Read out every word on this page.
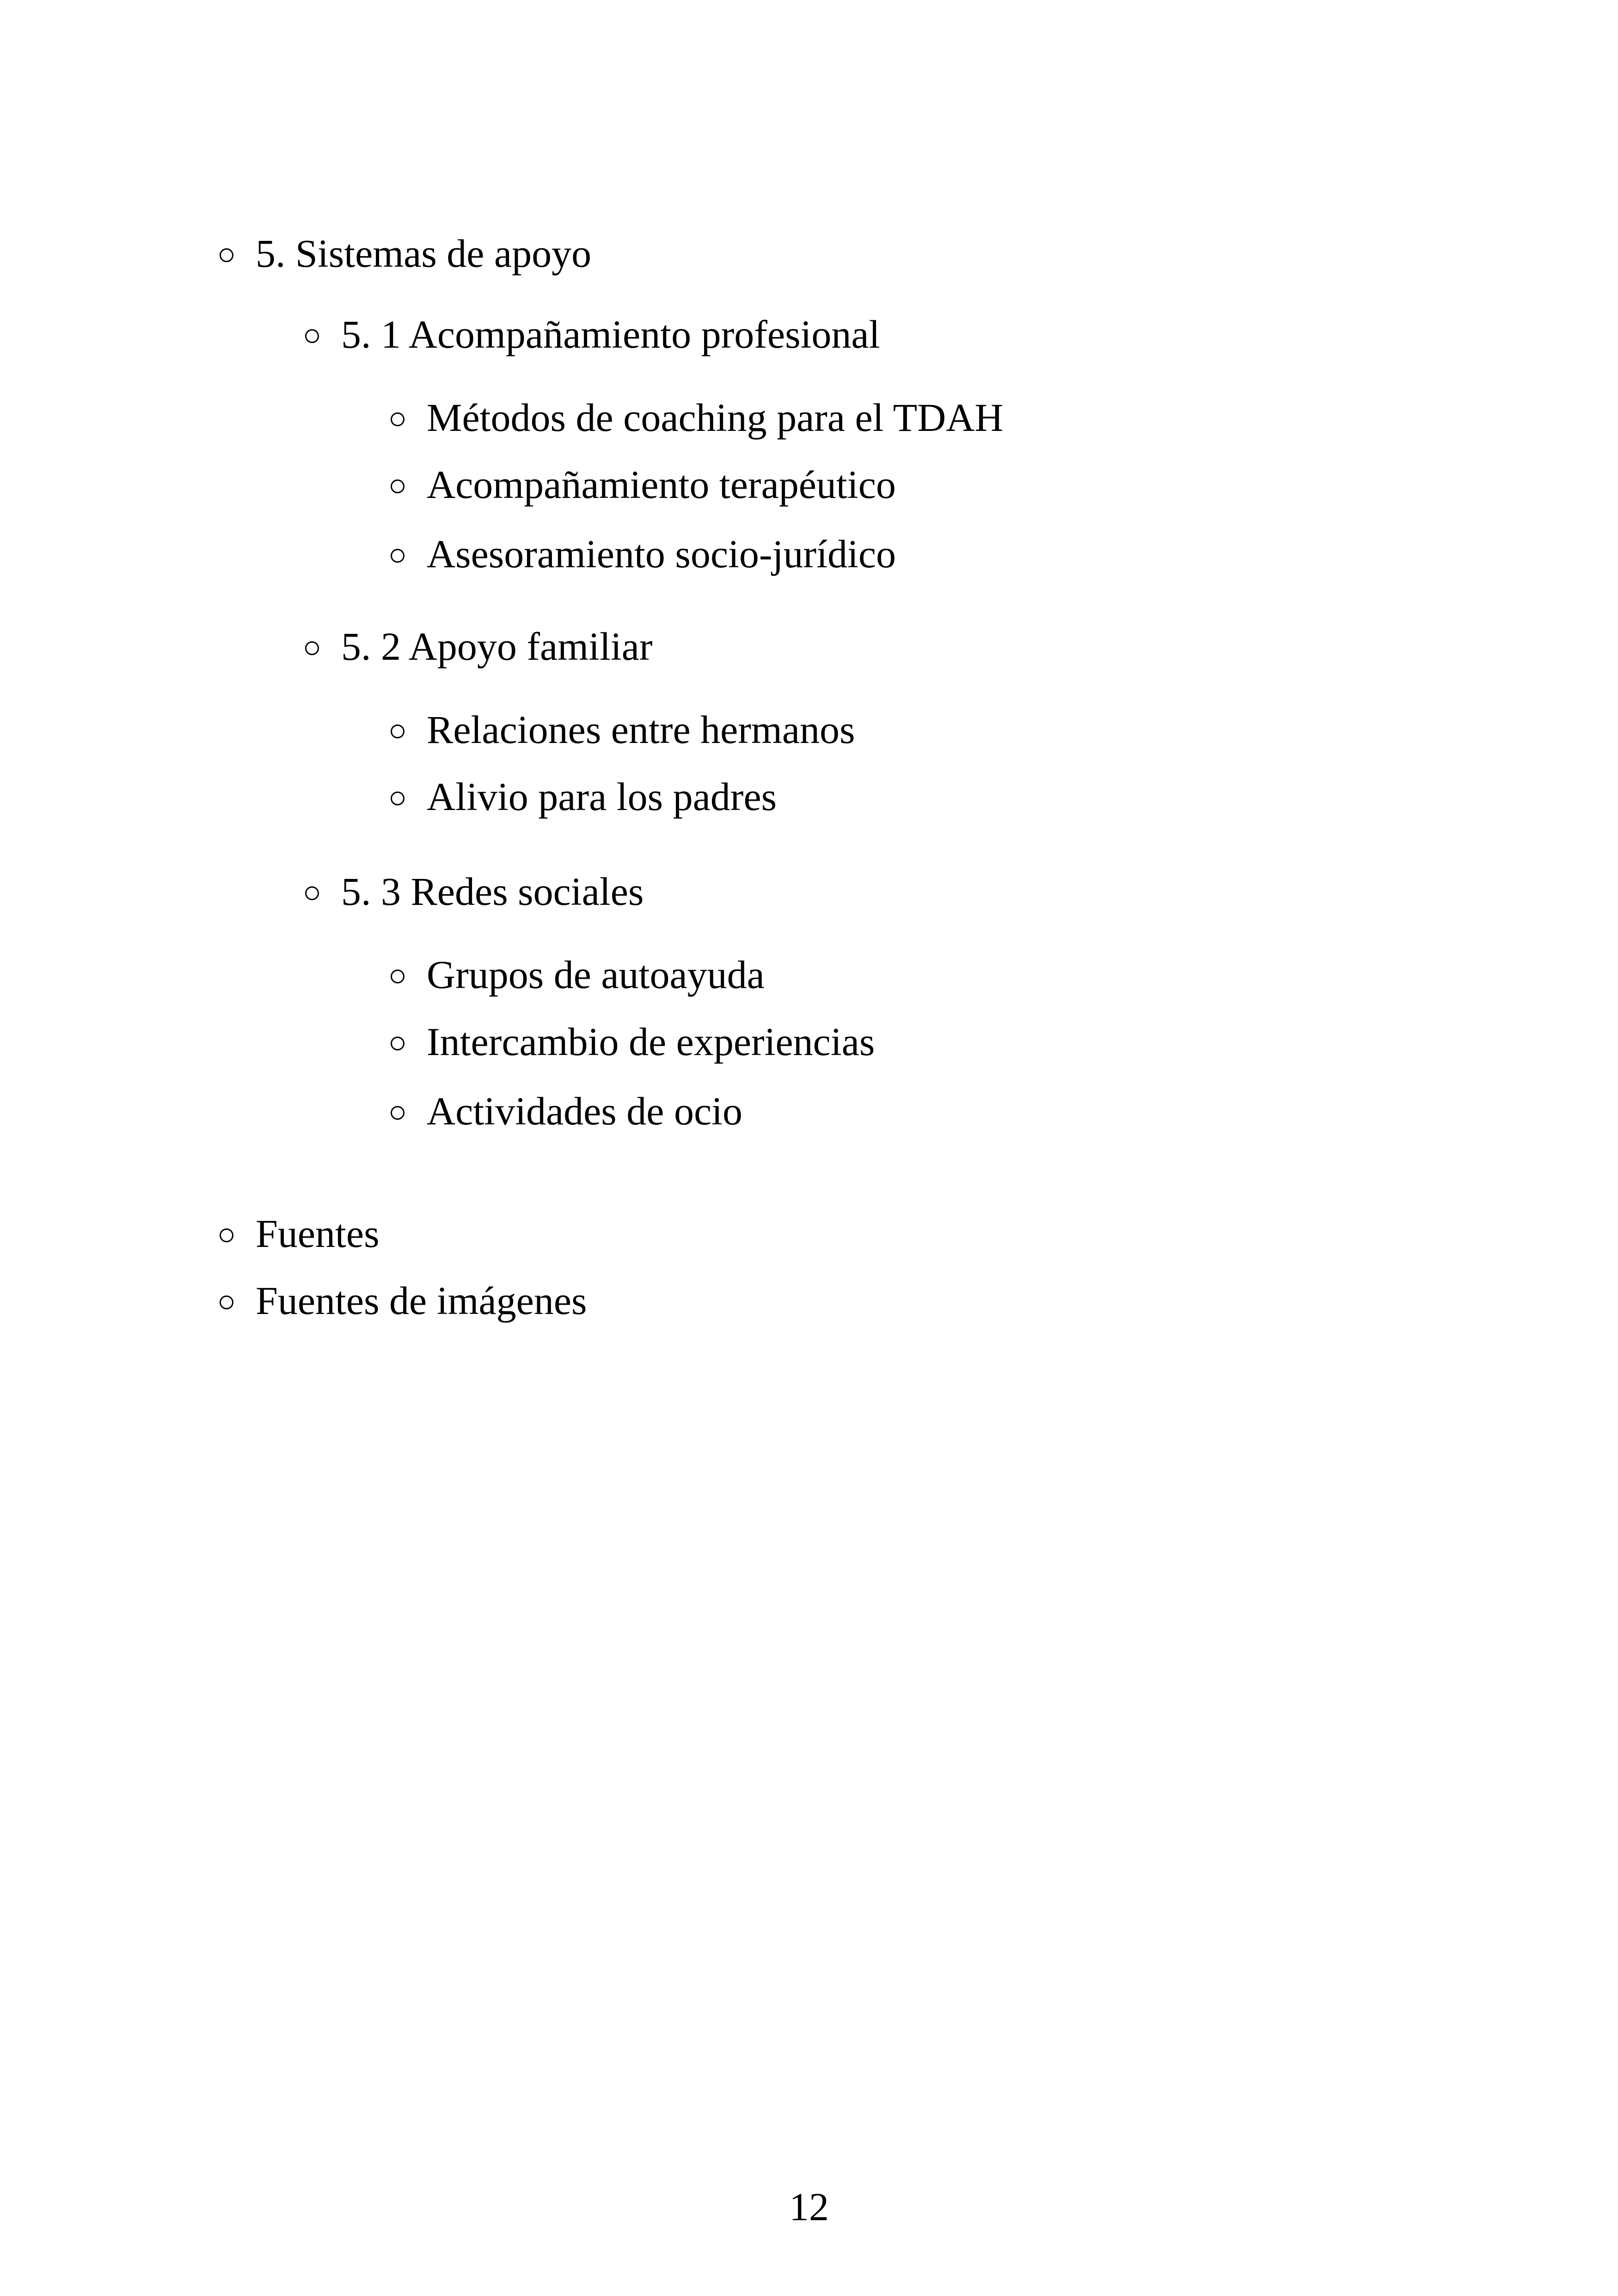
5. Sistemas de apoyo
5. 1 Acompañamiento profesional
Métodos de coaching para el TDAH
Acompañamiento terapéutico
Asesoramiento socio-jurídico
5. 2 Apoyo familiar
Relaciones entre hermanos
Alivio para los padres
5. 3 Redes sociales
Grupos de autoayuda
Intercambio de experiencias
Actividades de ocio
Fuentes
Fuentes de imágenes
12
